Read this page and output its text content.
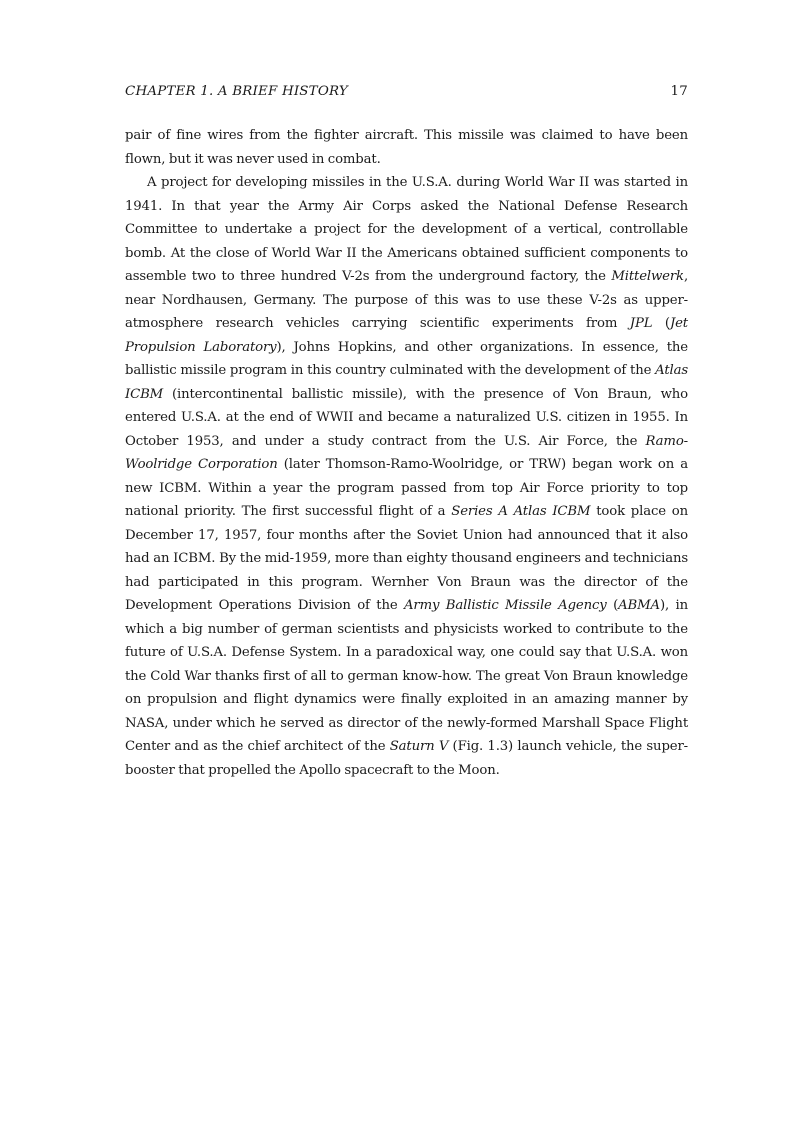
CHAPTER 1. A BRIEF HISTORY	17

pair of fine wires from the fighter aircraft. This missile was claimed to have been flown, but it was never used in combat.

A project for developing missiles in the U.S.A. during World War II was started in 1941. In that year the Army Air Corps asked the National Defense Research Committee to undertake a project for the development of a vertical, controllable bomb. At the close of World War II the Americans obtained sufficient components to assemble two to three hundred V-2s from the underground factory, the Mittelwerk, near Nordhausen, Germany. The purpose of this was to use these V-2s as upper-atmosphere research vehicles carrying scientific experiments from JPL (Jet Propulsion Laboratory), Johns Hopkins, and other organizations. In essence, the ballistic missile program in this country culminated with the development of the Atlas ICBM (intercontinental ballistic missile), with the presence of Von Braun, who entered U.S.A. at the end of WWII and became a naturalized U.S. citizen in 1955. In October 1953, and under a study contract from the U.S. Air Force, the Ramo-Woolridge Corporation (later Thomson-Ramo-Woolridge, or TRW) began work on a new ICBM. Within a year the program passed from top Air Force priority to top national priority. The first successful flight of a Series A Atlas ICBM took place on December 17, 1957, four months after the Soviet Union had announced that it also had an ICBM. By the mid-1959, more than eighty thousand engineers and technicians had participated in this program. Wernher Von Braun was the director of the Development Operations Division of the Army Ballistic Missile Agency (ABMA), in which a big number of german scientists and physicists worked to contribute to the future of U.S.A. Defense System. In a paradoxical way, one could say that U.S.A. won the Cold War thanks first of all to german know-how. The great Von Braun knowledge on propulsion and flight dynamics were finally exploited in an amazing manner by NASA, under which he served as director of the newly-formed Marshall Space Flight Center and as the chief architect of the Saturn V (Fig. 1.3) launch vehicle, the super-booster that propelled the Apollo spacecraft to the Moon.
